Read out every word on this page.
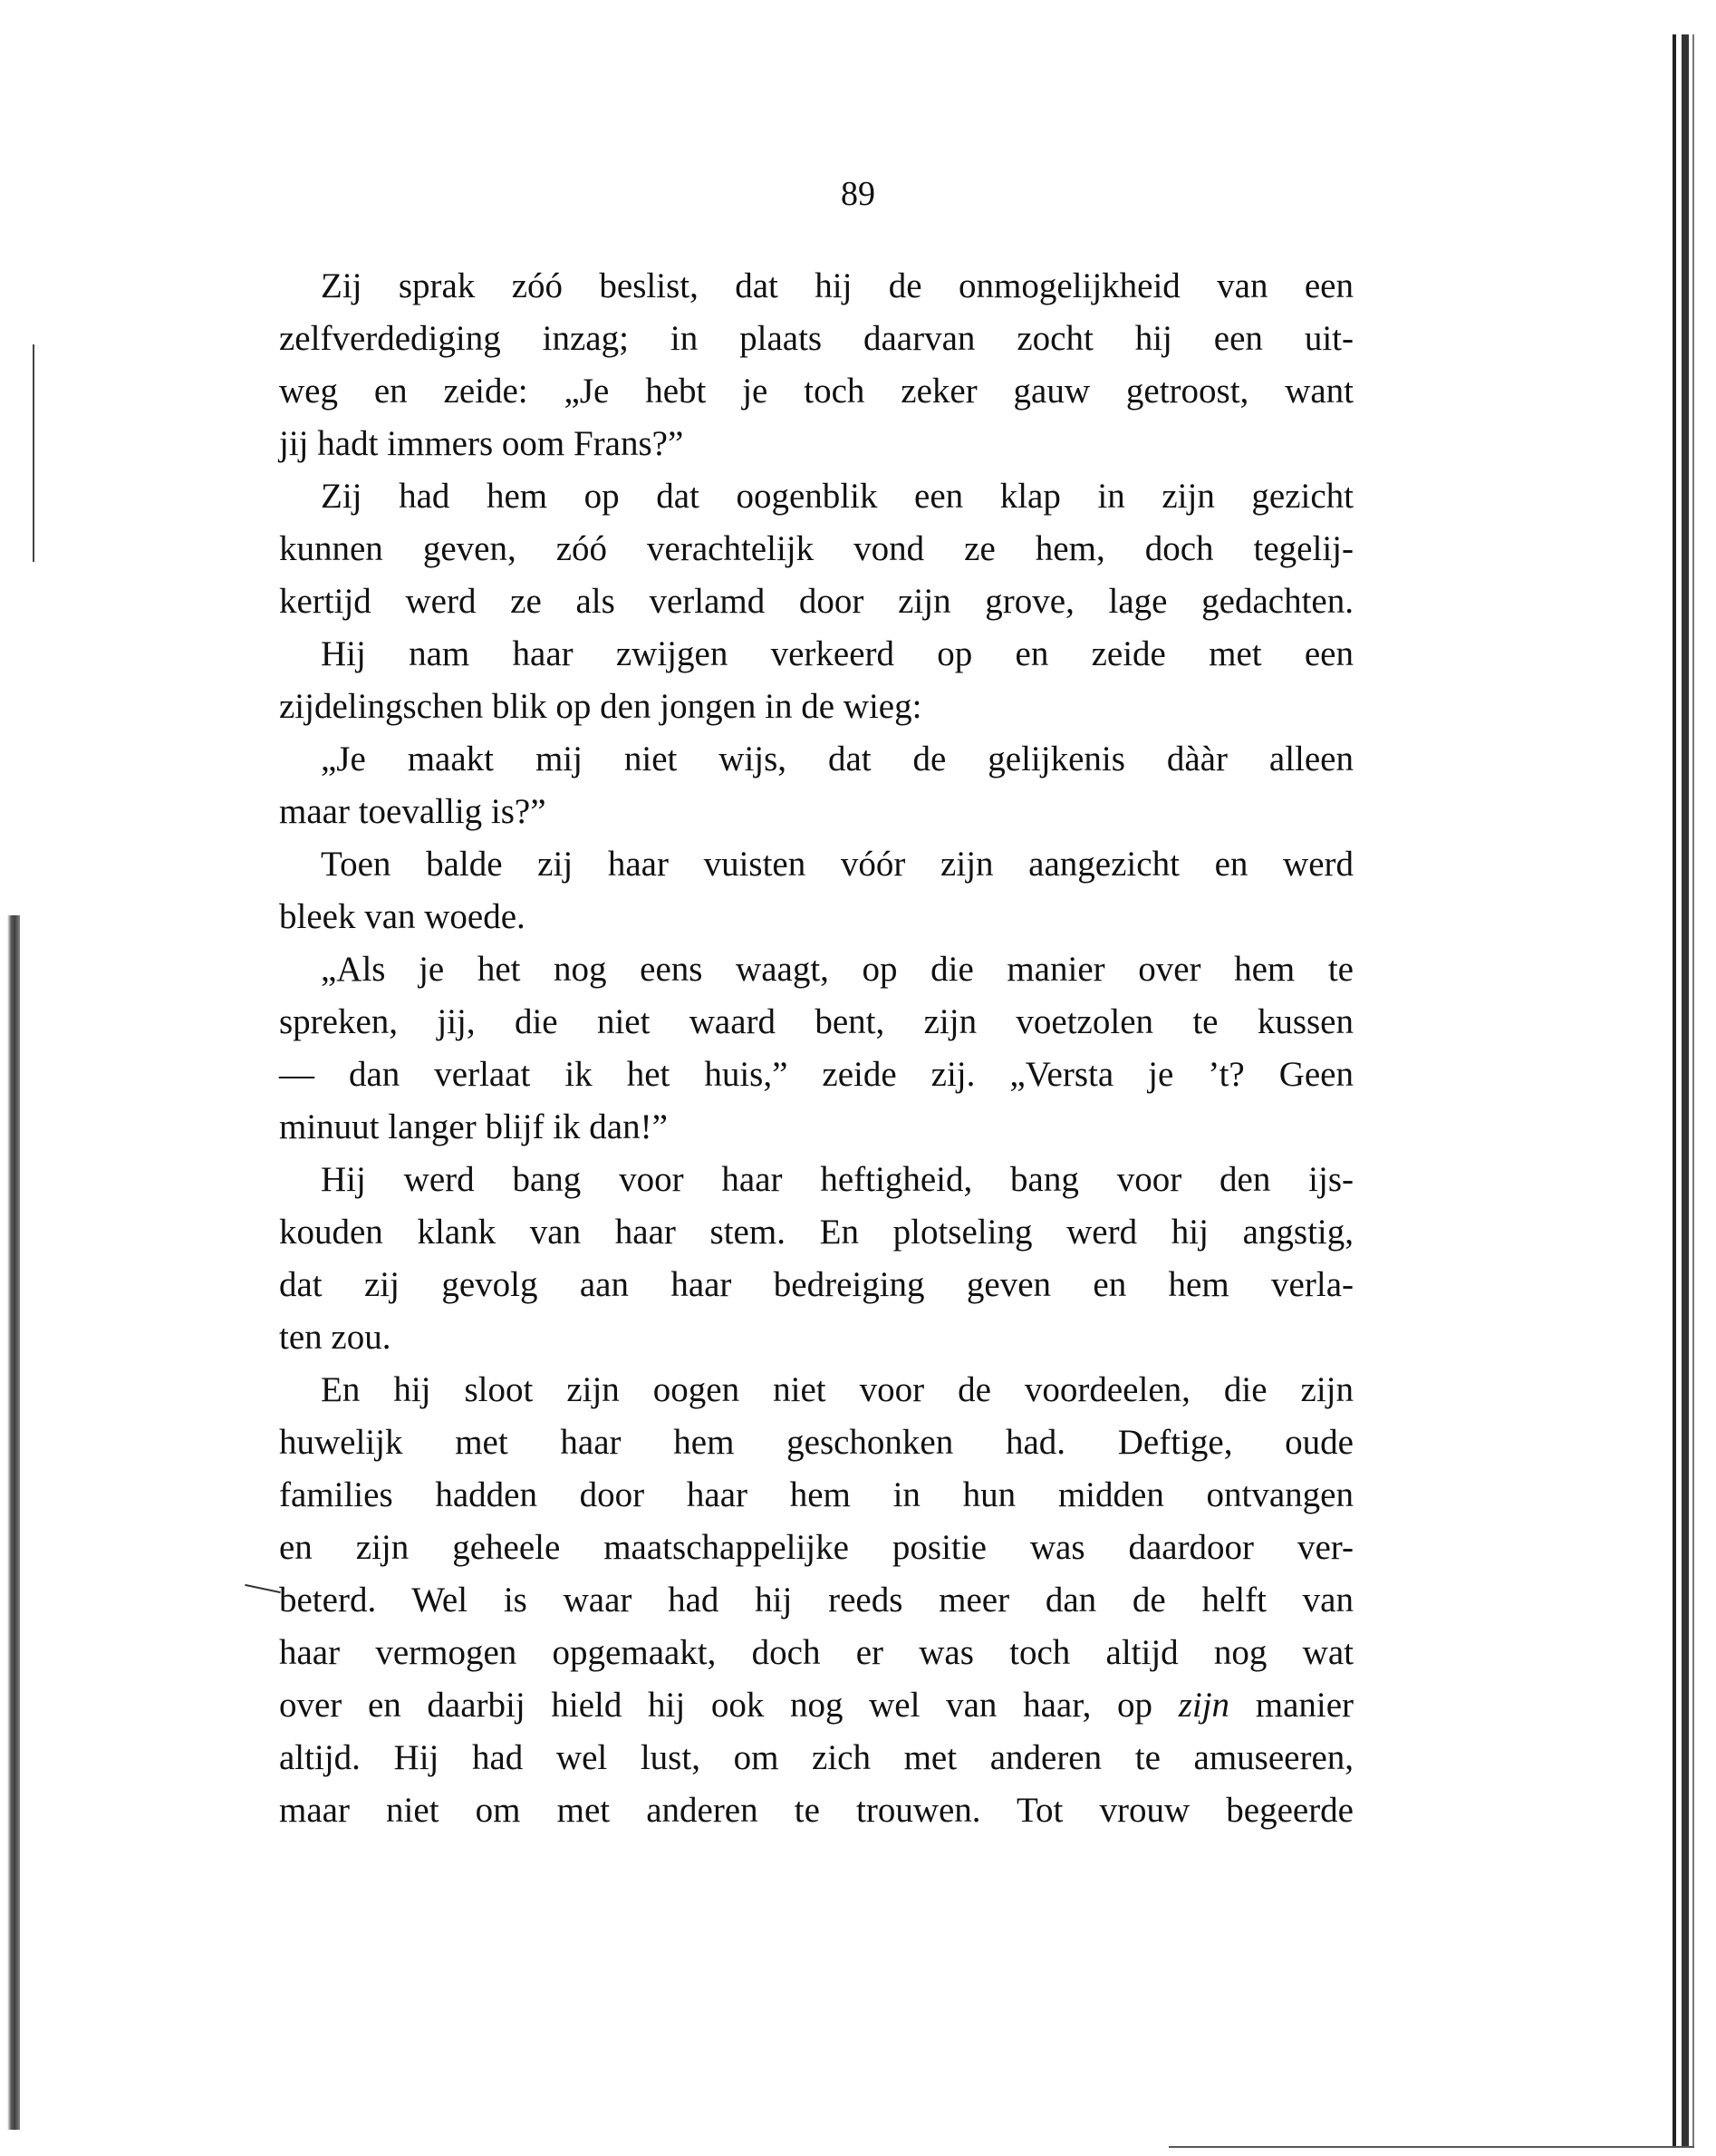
89
Zij sprak zóó beslist, dat hij de onmogelijkheid van een
zelfverdediging inzag; in plaats daarvan zocht hij een uit-
weg en zeide: „Je hebt je toch zeker gauw getroost, want
jij hadt immers oom Frans?”
Zij had hem op dat oogenblik een klap in zijn gezicht
kunnen geven, zóó verachtelijk vond ze hem, doch tegelij-
kertijd werd ze als verlamd door zijn grove, lage gedachten.
Hij nam haar zwijgen verkeerd op en zeide met een
zijdelingschen blik op den jongen in de wieg:
„Je maakt mij niet wijs, dat de gelijkenis dààr alleen
maar toevallig is?”
Toen balde zij haar vuisten vóór zijn aangezicht en werd
bleek van woede.
„Als je het nog eens waagt, op die manier over hem te
spreken, jij, die niet waard bent, zijn voetzolen te kussen
— dan verlaat ik het huis,” zeide zij. „Versta je ’t? Geen
minuut langer blijf ik dan!”
Hij werd bang voor haar heftigheid, bang voor den ijs-
kouden klank van haar stem. En plotseling werd hij angstig,
dat zij gevolg aan haar bedreiging geven en hem verla-
ten zou.
En hij sloot zijn oogen niet voor de voordeelen, die zijn
huwelijk met haar hem geschonken had. Deftige, oude
families hadden door haar hem in hun midden ontvangen
en zijn geheele maatschappelijke positie was daardoor ver-
beterd. Wel is waar had hij reeds meer dan de helft van
haar vermogen opgemaakt, doch er was toch altijd nog wat
over en daarbij hield hij ook nog wel van haar, op zijn manier
altijd. Hij had wel lust, om zich met anderen te amuseeren,
maar niet om met anderen te trouwen. Tot vrouw begeerde
